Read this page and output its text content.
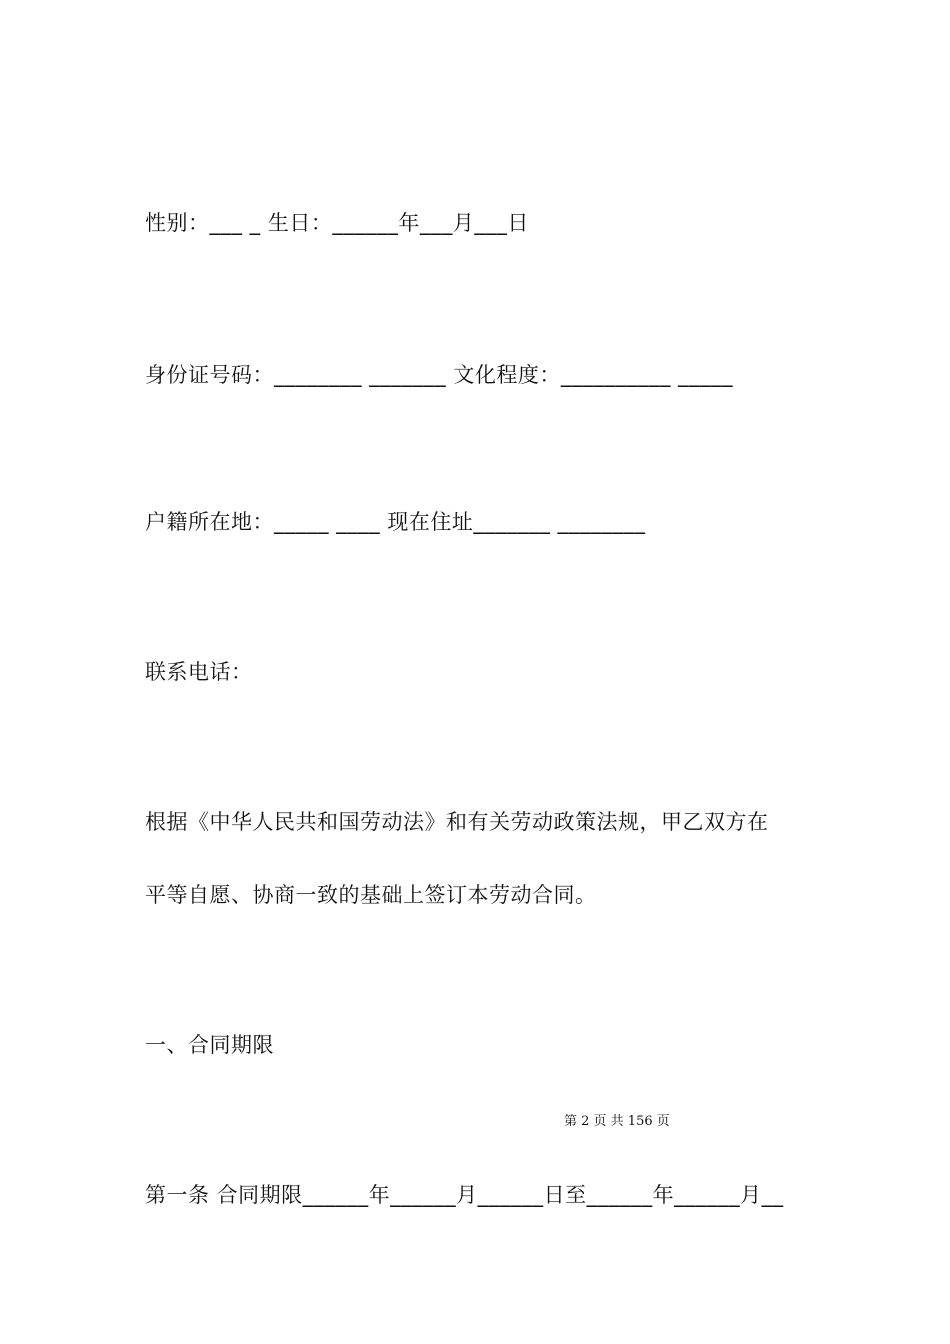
性别：___ _ 生日：______年___月___日
身份证号码：________ _______ 文化程度：__________ _____
户籍所在地：_____ ____ 现在住址_______ ________
联系电话：
根据《中华人民共和国劳动法》和有关劳动政策法规，甲乙双方在
平等自愿、协商一致的基础上签订本劳动合同。
一、合同期限
第 2 页 共 156 页
第一条 合同期限______年______月______日至______年______月__
